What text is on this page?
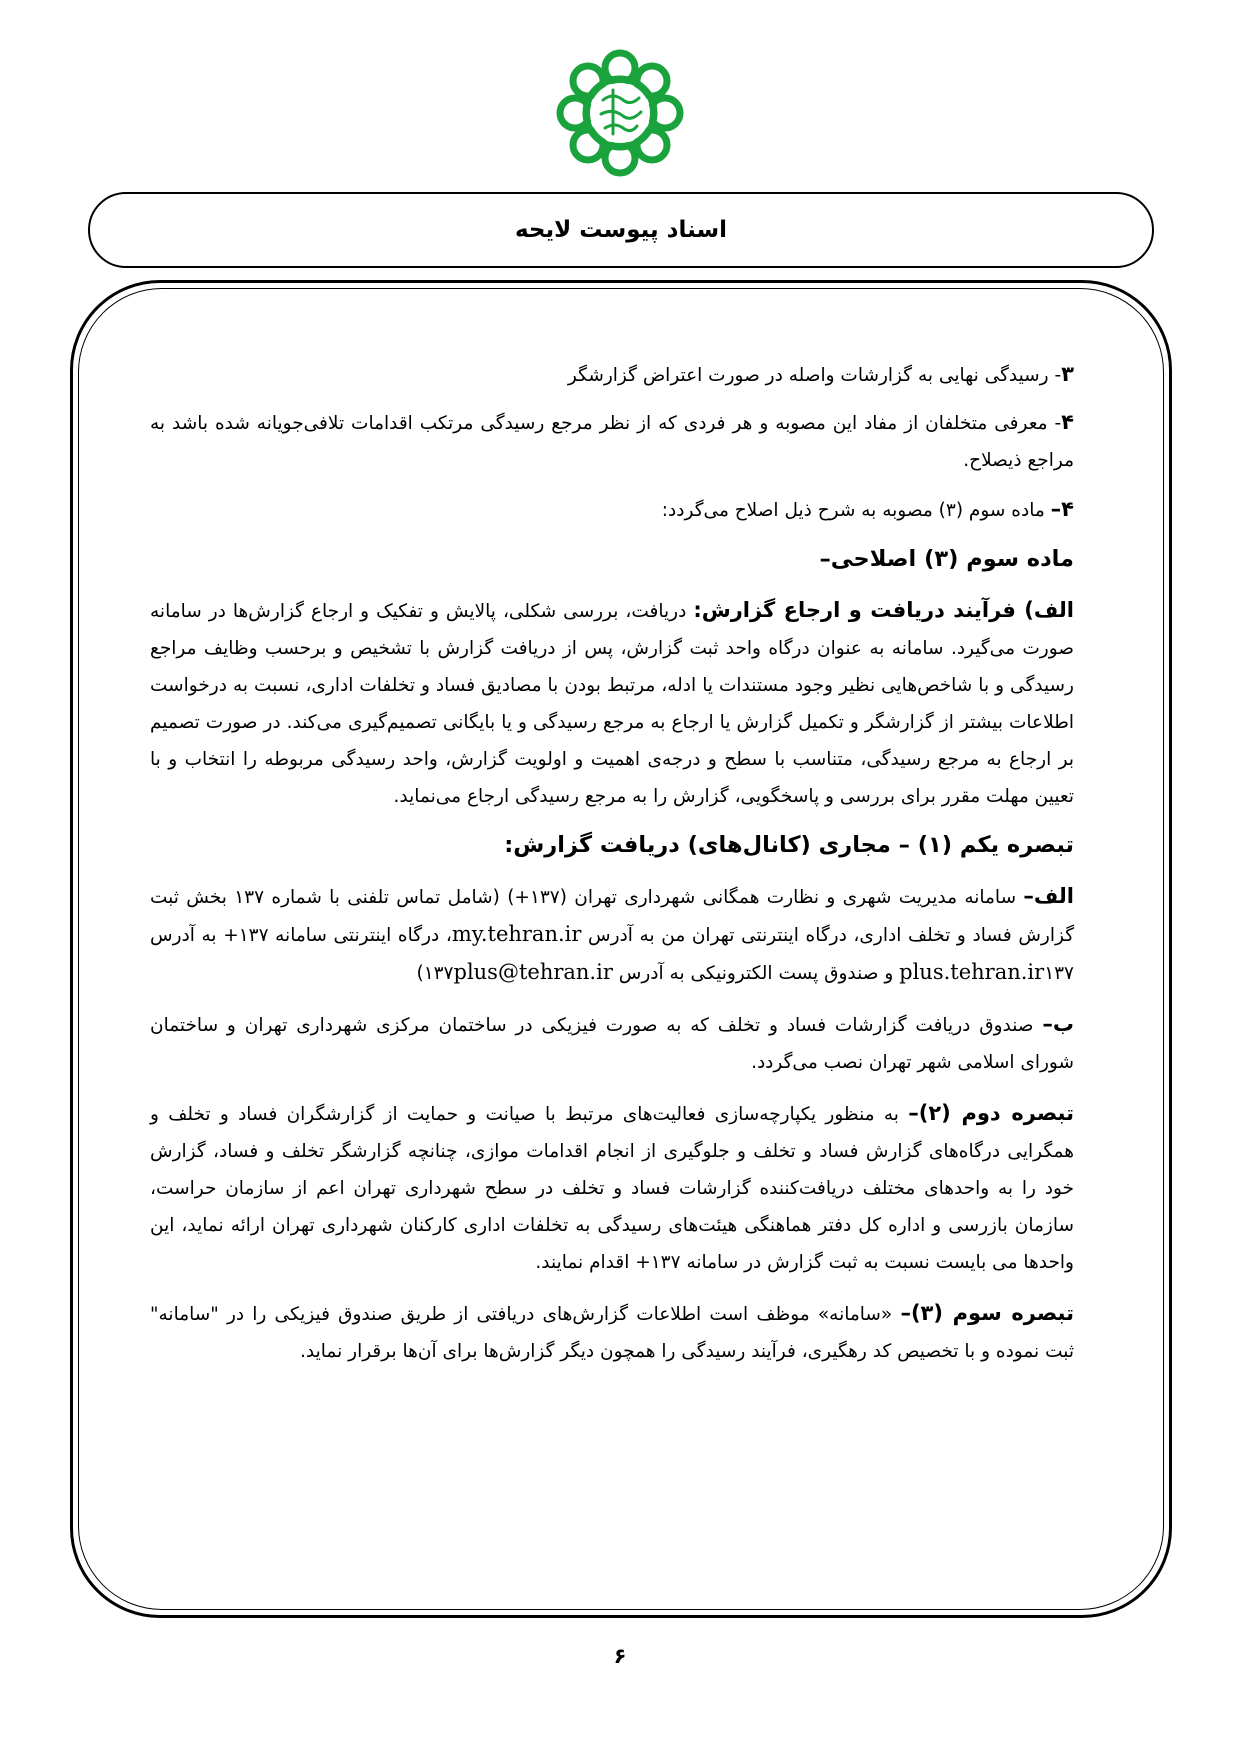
اسناد پیوست لایحه

۳- رسیدگی نهایی به گزارشات واصله در صورت اعتراض گزارشگر

۴- معرفی متخلفان از مفاد این مصوبه و هر فردی که از نظر مرجع رسیدگی مرتکب اقدامات تلافی‌جویانه شده باشد به مراجع ذیصلاح.

۴– ماده سوم (۳) مصوبه به شرح ذیل اصلاح می‌گردد:

ماده سوم (۳) اصلاحی–

الف) فرآیند دریافت و ارجاع گزارش: دریافت، بررسی شکلی، پالایش و تفکیک و ارجاع گزارش‌ها در سامانه صورت می‌گیرد. سامانه به عنوان درگاه واحد ثبت گزارش، پس از دریافت گزارش با تشخیص و برحسب وظایف مراجع رسیدگی و با شاخص‌هایی نظیر وجود مستندات یا ادله، مرتبط بودن با مصادیق فساد و تخلفات اداری، نسبت به درخواست اطلاعات بیشتر از گزارشگر و تکمیل گزارش یا ارجاع به مرجع رسیدگی و یا بایگانی تصمیم‌گیری می‌کند. در صورت تصمیم بر ارجاع به مرجع رسیدگی، متناسب با سطح و درجه‌ی اهمیت و اولویت گزارش، واحد رسیدگی مربوطه را انتخاب و با تعیین مهلت مقرر برای بررسی و پاسخگویی، گزارش را به مرجع رسیدگی ارجاع می‌نماید.

تبصره یکم (۱) – مجاری (کانال‌های) دریافت گزارش:

الف– سامانه مدیریت شهری و نظارت همگانی شهرداری تهران (۱۳۷+) (شامل تماس تلفنی با شماره ۱۳۷ بخش ثبت گزارش فساد و تخلف اداری، درگاه اینترنتی تهران من به آدرس my.tehran.ir، درگاه اینترنتی سامانه ۱۳۷+ به آدرس plus.tehran.ir۱۳۷ و صندوق پست الکترونیکی به آدرس ۱۳۷plus@tehran.ir)

ب– صندوق دریافت گزارشات فساد و تخلف که به صورت فیزیکی در ساختمان مرکزی شهرداری تهران و ساختمان شورای اسلامی شهر تهران نصب می‌گردد.

تبصره دوم (۲)– به منظور یکپارچه‌سازی فعالیت‌های مرتبط با صیانت و حمایت از گزارشگران فساد و تخلف و همگرایی درگاه‌های گزارش فساد و تخلف و جلوگیری از انجام اقدامات موازی، چنانچه گزارشگر تخلف و فساد، گزارش خود را به واحدهای مختلف دریافت‌کننده گزارشات فساد و تخلف در سطح شهرداری تهران اعم از سازمان حراست، سازمان بازرسی و اداره کل دفتر هماهنگی هیئت‌های رسیدگی به تخلفات اداری کارکنان شهرداری تهران ارائه نماید، این واحدها می بایست نسبت به ثبت گزارش در سامانه ۱۳۷+ اقدام نمایند.

تبصره سوم (۳)– «سامانه» موظف است اطلاعات گزارش‌های دریافتی از طریق صندوق فیزیکی را در "سامانه" ثبت نموده و با تخصیص کد رهگیری، فرآیند رسیدگی را همچون دیگر گزارش‌ها برای آن‌ها برقرار نماید.

۶
